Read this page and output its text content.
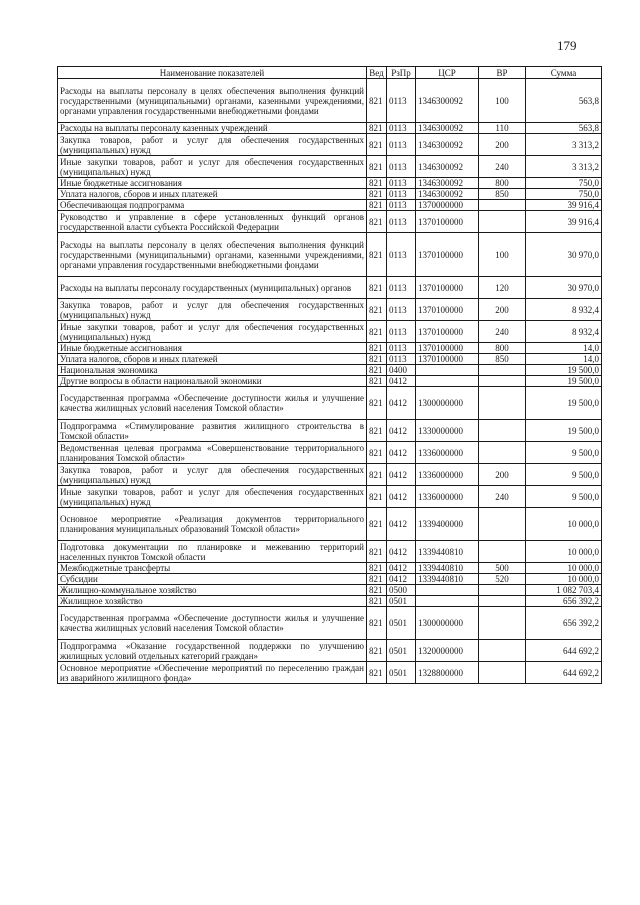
179
Наименование показателей	Вед	РзПр	ЦСР	ВР	Сумма
Расходы на выплаты персоналу в целях обеспечения выполнения функций государственными (муниципальными) органами, казенными учреждениями, органами управления государственными внебюджетными фондами	821	0113	1346300092	100	563,8
Расходы на выплаты персоналу казенных учреждений	821	0113	1346300092	110	563,8
Закупка товаров, работ и услуг для обеспечения государственных (муниципальных) нужд	821	0113	1346300092	200	3 313,2
Иные закупки товаров, работ и услуг для обеспечения государственных (муниципальных) нужд	821	0113	1346300092	240	3 313,2
Иные бюджетные ассигнования	821	0113	1346300092	800	750,0
Уплата налогов, сборов и иных платежей	821	0113	1346300092	850	750,0
Обеспечивающая подпрограмма	821	0113	1370000000		39 916,4
Руководство и управление в сфере установленных функций органов государственной власти субъекта Российской Федерации	821	0113	1370100000		39 916,4
Расходы на выплаты персоналу в целях обеспечения выполнения функций государственными (муниципальными) органами, казенными учреждениями, органами управления государственными внебюджетными фондами	821	0113	1370100000	100	30 970,0
Расходы на выплаты персоналу государственных (муниципальных) органов	821	0113	1370100000	120	30 970,0
Закупка товаров, работ и услуг для обеспечения государственных (муниципальных) нужд	821	0113	1370100000	200	8 932,4
Иные закупки товаров, работ и услуг для обеспечения государственных (муниципальных) нужд	821	0113	1370100000	240	8 932,4
Иные бюджетные ассигнования	821	0113	1370100000	800	14,0
Уплата налогов, сборов и иных платежей	821	0113	1370100000	850	14,0
Национальная экономика	821	0400			19 500,0
Другие вопросы в области национальной экономики	821	0412			19 500,0
Государственная программа «Обеспечение доступности жилья и улучшение качества жилищных условий населения Томской области»	821	0412	1300000000		19 500,0
Подпрограмма «Стимулирование развития жилищного строительства в Томской области»	821	0412	1330000000		19 500,0
Ведомственная целевая программа «Совершенствование территориального планирования Томской области»	821	0412	1336000000		9 500,0
Закупка товаров, работ и услуг для обеспечения государственных (муниципальных) нужд	821	0412	1336000000	200	9 500,0
Иные закупки товаров, работ и услуг для обеспечения государственных (муниципальных) нужд	821	0412	1336000000	240	9 500,0
Основное мероприятие «Реализация документов территориального планирования муниципальных образований Томской области»	821	0412	1339400000		10 000,0
Подготовка документации по планировке и межеванию территорий населенных пунктов Томской области	821	0412	1339440810		10 000,0
Межбюджетные трансферты	821	0412	1339440810	500	10 000,0
Субсидии	821	0412	1339440810	520	10 000,0
Жилищно-коммунальное хозяйство	821	0500			1 082 703,4
Жилищное хозяйство	821	0501			656 392,2
Государственная программа «Обеспечение доступности жилья и улучшение качества жилищных условий населения Томской области»	821	0501	1300000000		656 392,2
Подпрограмма «Оказание государственной поддержки по улучшению жилищных условий отдельных категорий граждан»	821	0501	1320000000		644 692,2
Основное мероприятие «Обеспечение мероприятий по переселению граждан из аварийного жилищного фонда»	821	0501	1328800000		644 692,2
